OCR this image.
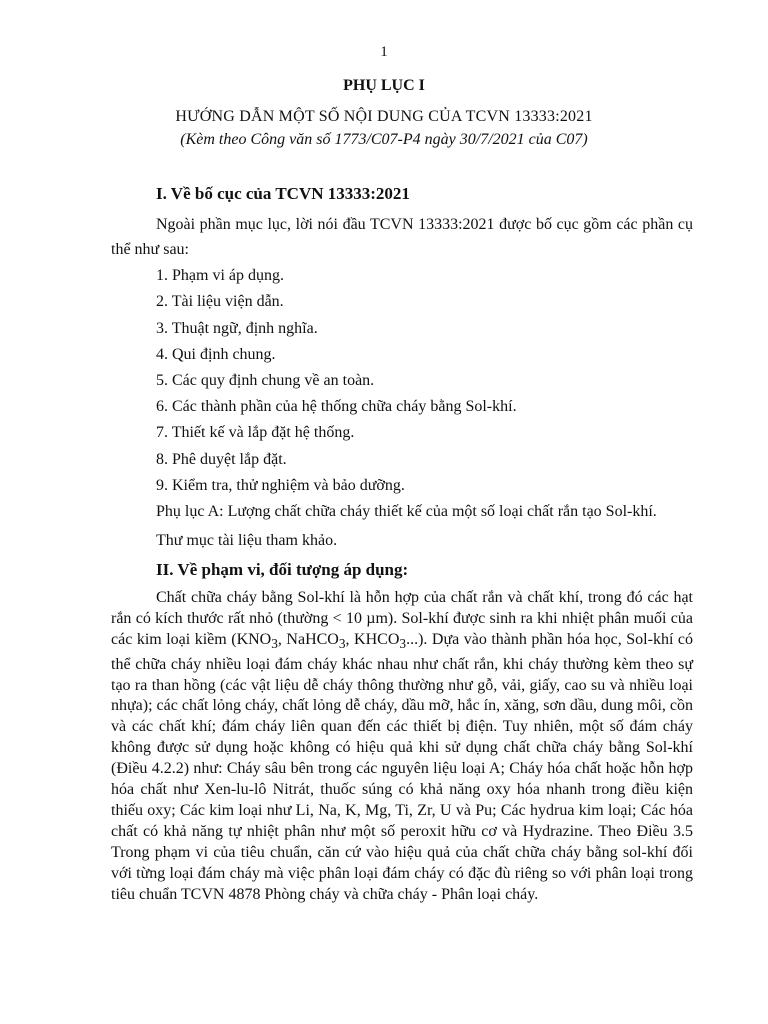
1
PHỤ LỤC I
HƯỚNG DẪN MỘT SỐ NỘI DUNG CỦA TCVN 13333:2021
(Kèm theo Công văn số 1773/C07-P4 ngày 30/7/2021 của C07)

I. Về bố cục của TCVN 13333:2021

Ngoài phần mục lục, lời nói đầu TCVN 13333:2021 được bố cục gồm các phần cụ thể như sau:

1. Phạm vi áp dụng.

2. Tài liệu viện dẫn.

3. Thuật ngữ, định nghĩa.

4. Qui định chung.

5. Các quy định chung về an toàn.

6. Các thành phần của hệ thống chữa cháy bằng Sol-khí.

7. Thiết kế và lắp đặt hệ thống.

8. Phê duyệt lắp đặt.

9. Kiểm tra, thử nghiệm và bảo dưỡng.

Phụ lục A: Lượng chất chữa cháy thiết kế của một số loại chất rắn tạo Sol-khí.

Thư mục tài liệu tham khảo.

II. Về phạm vi, đối tượng áp dụng:

Chất chữa cháy bằng Sol-khí là hỗn hợp của chất rắn và chất khí, trong đó các hạt rắn có kích thước rất nhỏ (thường < 10 µm). Sol-khí được sinh ra khi nhiệt phân muối của các kim loại kiềm ($KNO_3$, NaHCO$_3$, $KHCO_3$...). Dựa vào thành phần hóa học, Sol-khí có thể chữa cháy nhiều loại đám cháy khác nhau như chất rắn, khi cháy thường kèm theo sự tạo ra than hồng (các vật liệu dễ cháy thông thường như gỗ, vải, giấy, cao su và nhiều loại nhựa); các chất lỏng cháy, chất lỏng dễ cháy, dầu mỡ, hắc ín, xăng, sơn dầu, dung môi, cồn và các chất khí; đám cháy liên quan đến các thiết bị điện. Tuy nhiên, một số đám cháy không được sử dụng hoặc không có hiệu quả khi sử dụng chất chữa cháy bằng Sol-khí (Điều 4.2.2) như: Cháy sâu bên trong các nguyên liệu loại A; Cháy hóa chất hoặc hỗn hợp hóa chất như Xen-lu-lô Nitrát, thuốc súng có khả năng oxy hóa nhanh trong điều kiện thiếu oxy; Các kim loại như Li, Na, K, Mg, Ti, Zr, U và Pu; Các hydrua kim loại; Các hóa chất có khả năng tự nhiệt phân như một số peroxit hữu cơ và Hydrazine. Theo Điều 3.5 Trong phạm vi của tiêu chuẩn, căn cứ vào hiệu quả của chất chữa cháy bằng sol-khí đối với từng loại đám cháy mà việc phân loại đám cháy có đặc đù riêng so với phân loại trong tiêu chuẩn TCVN 4878 Phòng cháy và chữa cháy - Phân loại cháy.
